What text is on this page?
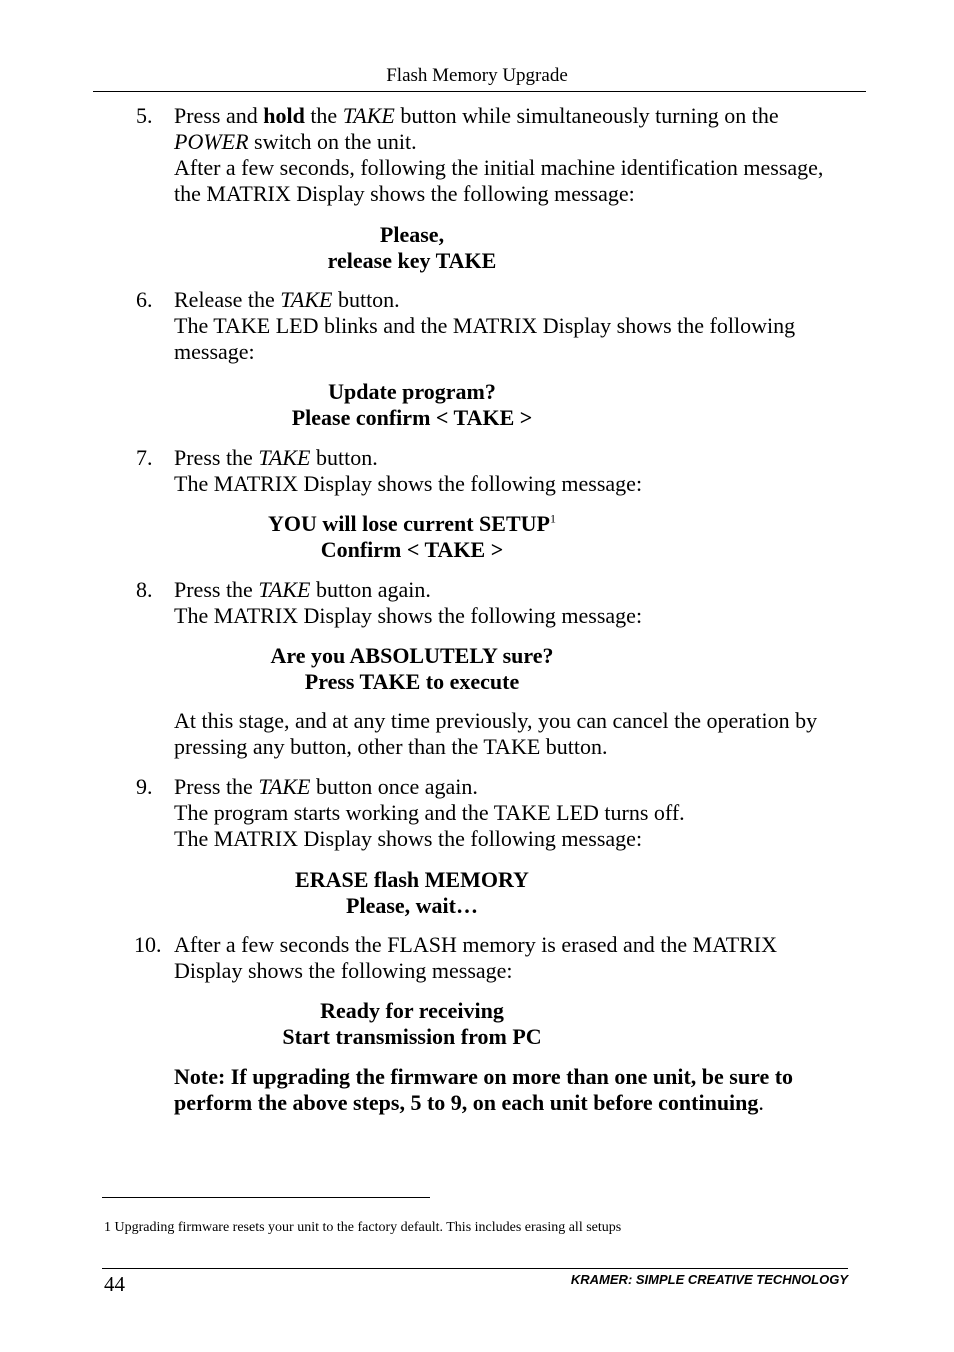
Flash Memory Upgrade
5. Press and hold the TAKE button while simultaneously turning on the
POWER switch on the unit.
After a few seconds, following the initial machine identification message,
the MATRIX Display shows the following message:
Please,
release key TAKE
6. Release the TAKE button.
The TAKE LED blinks and the MATRIX Display shows the following
message:
Update program?
Please confirm < TAKE >
7. Press the TAKE button.
The MATRIX Display shows the following message:
YOU will lose current SETUP$^1$
Confirm < TAKE >
8. Press the TAKE button again.
The MATRIX Display shows the following message:
Are you ABSOLUTELY sure?
Press TAKE to execute
At this stage, and at any time previously, you can cancel the operation by
pressing any button, other than the TAKE button.
9. Press the TAKE button once again.
The program starts working and the TAKE LED turns off.
The MATRIX Display shows the following message:
ERASE flash MEMORY
Please, wait…
10. After a few seconds the FLASH memory is erased and the MATRIX
Display shows the following message:
Ready for receiving
Start transmission from PC
Note: If upgrading the firmware on more than one unit, be sure to
perform the above steps, 5 to 9, on each unit before continuing.
1 Upgrading firmware resets your unit to the factory default. This includes erasing all setups
44	KRAMER: SIMPLE CREATIVE TECHNOLOGY
